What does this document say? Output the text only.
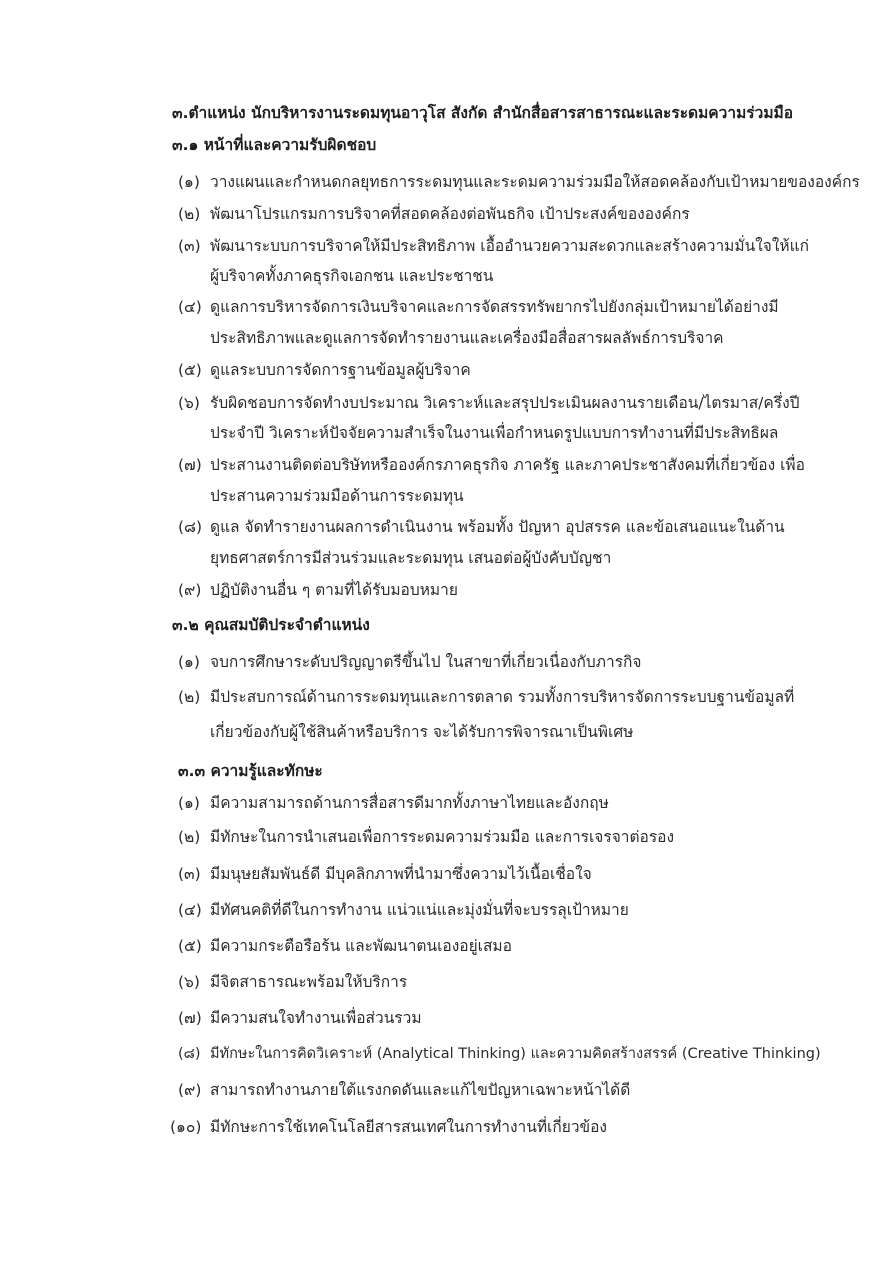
๓.ตำแหน่ง นักบริหารงานระดมทุนอาวุโส สังกัด สำนักสื่อสารสาธารณะและระดมความร่วมมือ
๓.๑ หน้าที่และความรับผิดชอบ
(๑) วางแผนและกำหนดกลยุทธการระดมทุนและระดมความร่วมมือให้สอดคล้องกับเป้าหมายขององค์กร
(๒) พัฒนาโปรแกรมการบริจาคที่สอดคล้องต่อพันธกิจ เป้าประสงค์ขององค์กร
(๓) พัฒนาระบบการบริจาคให้มีประสิทธิภาพ เอื้ออำนวยความสะดวกและสร้างความมั่นใจให้แก่
ผู้บริจาคทั้งภาคธุรกิจเอกชน และประชาชน
(๔) ดูแลการบริหารจัดการเงินบริจาคและการจัดสรรทรัพยากรไปยังกลุ่มเป้าหมายได้อย่างมี
ประสิทธิภาพและดูแลการจัดทำรายงานและเครื่องมือสื่อสารผลลัพธ์การบริจาค
(๕) ดูแลระบบการจัดการฐานข้อมูลผู้บริจาค
(๖) รับผิดชอบการจัดทำงบประมาณ วิเคราะห์และสรุปประเมินผลงานรายเดือน/ไตรมาส/ครึ่งปี
ประจำปี วิเคราะห์ปัจจัยความสำเร็จในงานเพื่อกำหนดรูปแบบการทำงานที่มีประสิทธิผล
(๗) ประสานงานติดต่อบริษัทหรือองค์กรภาคธุรกิจ ภาครัฐ และภาคประชาสังคมที่เกี่ยวข้อง เพื่อ
ประสานความร่วมมือด้านการระดมทุน
(๘) ดูแล จัดทำรายงานผลการดำเนินงาน พร้อมทั้ง ปัญหา อุปสรรค และข้อเสนอแนะในด้าน
ยุทธศาสตร์การมีส่วนร่วมและระดมทุน เสนอต่อผู้บังคับบัญชา
(๙) ปฏิบัติงานอื่น ๆ ตามที่ได้รับมอบหมาย
๓.๒ คุณสมบัติประจำตำแหน่ง
(๑) จบการศึกษาระดับปริญญาตรีขึ้นไป ในสาขาที่เกี่ยวเนื่องกับภารกิจ
(๒) มีประสบการณ์ด้านการระดมทุนและการตลาด รวมทั้งการบริหารจัดการระบบฐานข้อมูลที่
เกี่ยวข้องกับผู้ใช้สินค้าหรือบริการ จะได้รับการพิจารณาเป็นพิเศษ
๓.๓ ความรู้และทักษะ
(๑) มีความสามารถด้านการสื่อสารดีมากทั้งภาษาไทยและอังกฤษ
(๒) มีทักษะในการนำเสนอเพื่อการระดมความร่วมมือ และการเจรจาต่อรอง
(๓) มีมนุษยสัมพันธ์ดี มีบุคลิกภาพที่นำมาซึ่งความไว้เนื้อเชื่อใจ
(๔) มีทัศนคติที่ดีในการทำงาน แน่วแน่และมุ่งมั่นที่จะบรรลุเป้าหมาย
(๕) มีความกระตือรือร้น และพัฒนาตนเองอยู่เสมอ
(๖) มีจิตสาธารณะพร้อมให้บริการ
(๗) มีความสนใจทำงานเพื่อส่วนรวม
(๘) มีทักษะในการคิดวิเคราะห์ (Analytical Thinking) และความคิดสร้างสรรค์ (Creative Thinking)
(๙) สามารถทำงานภายใต้แรงกดดันและแก้ไขปัญหาเฉพาะหน้าได้ดี
(๑๐) มีทักษะการใช้เทคโนโลยีสารสนเทศในการทำงานที่เกี่ยวข้อง
